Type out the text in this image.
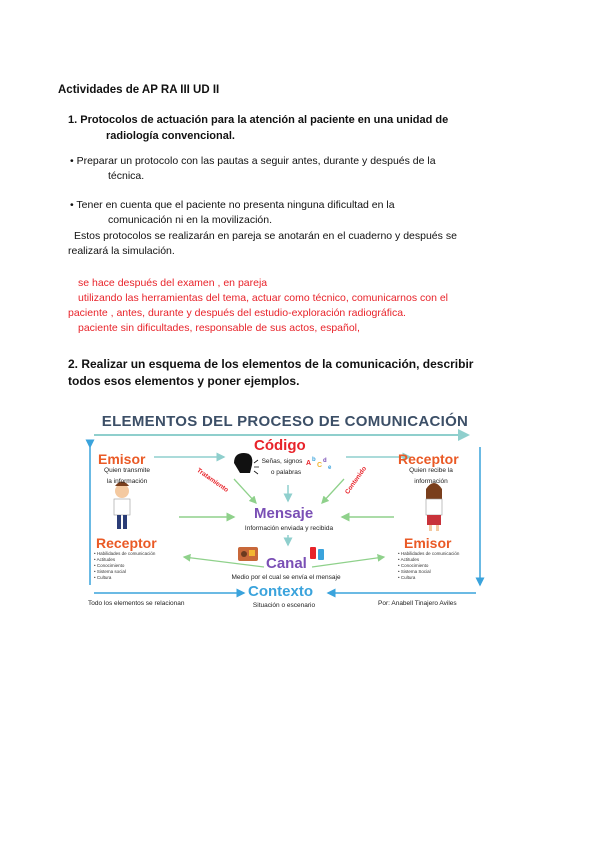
Actividades de AP RA III UD II
1. Protocolos de actuación para la atención al paciente en una unidad de
radiología convencional.
• Preparar un protocolo con las pautas a seguir antes, durante y después de la
técnica.
• Tener en cuenta que el paciente no presenta ninguna dificultad en la
comunicación ni en la movilización.
Estos protocolos se realizarán en pareja se anotarán en el cuaderno y después se
realizará la simulación.
se hace después del examen , en pareja
utilizando las herramientas del tema, actuar como técnico, comunicarnos con el
paciente , antes, durante y después del estudio-exploración radiográfica.
paciente sin dificultades, responsable de sus actos, español,
2. Realizar un esquema de los elementos de la comunicación, describir
todos esos elementos y poner ejemplos.
A b
C
d
e
ELEMENTOS DEL PROCESO DE COMUNICACIÓN
Código
Señas, signos
o palabras
Emisor
Quien transmite
la información
Receptor
Quien recibe la
información
Tratamiento	Contenido
Mensaje
Información enviada y recibida
Receptor
• Habilidades de comunicación
• Actitudes
• Conocimiento
• Sistema social
• Cultura
Emisor
• Habilidades de comunicación
• Actitudes
• Conocimiento
• Sistema Social
• Cultura
Canal
Medio por el cual se envía el mensaje
Contexto
Situación o escenario
Todo los elementos se relacionan	Por: Anabell Tinajero Aviles
